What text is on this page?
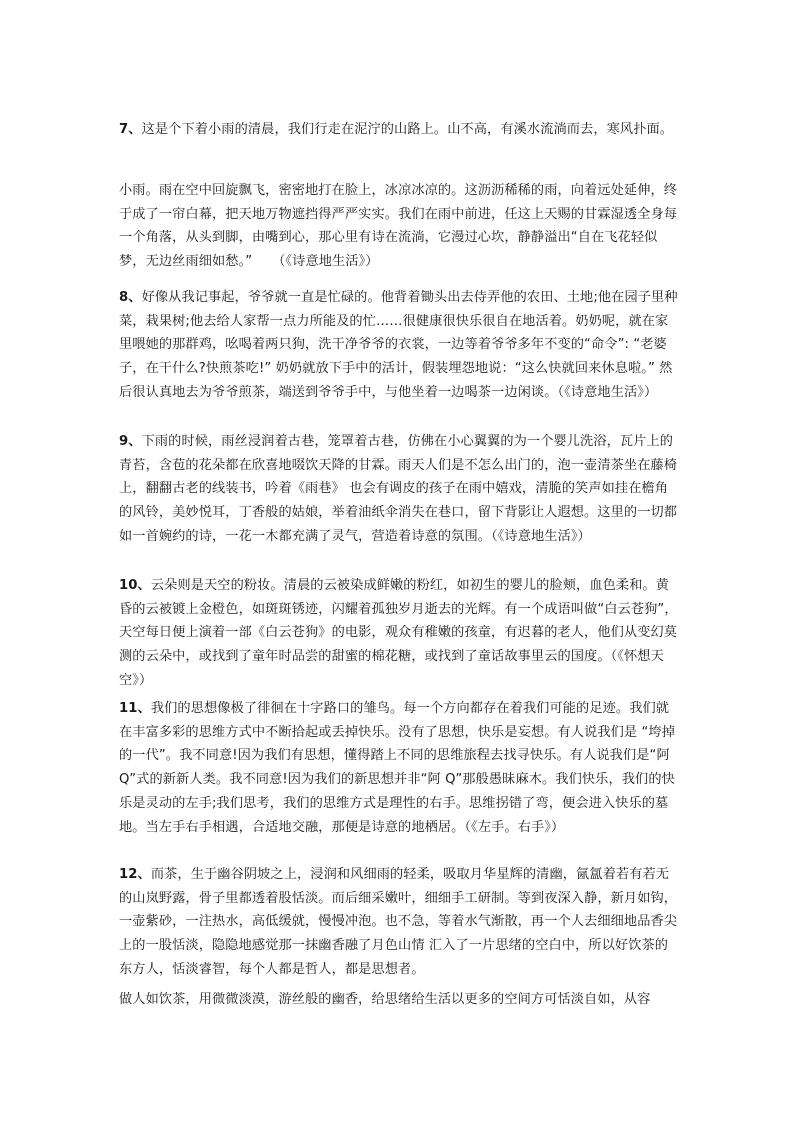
7、这是个下着小雨的清晨，我们行走在泥泞的山路上。山不高，有溪水流淌而去，寒风扑面。

小雨。雨在空中回旋飘飞，密密地打在脸上，冰凉冰凉的。这沥沥稀稀的雨，向着远处延伸，终于成了一帘白幕，把天地万物遮挡得严严实实。我们在雨中前进，任这上天赐的甘霖湿透全身每一个角落，从头到脚，由嘴到心，那心里有诗在流淌，它漫过心坎，静静溢出“自在飞花轻似梦，无边丝雨细如愁。”　　（《诗意地生活》）

8、好像从我记事起，爷爷就一直是忙碌的。他背着锄头出去侍弄他的农田、土地;他在园子里种菜，栽果树;他去给人家帮一点力所能及的忙……很健康很快乐很自在地活着。奶奶呢，就在家里喂她的那群鸡，吆喝着两只狗，洗干净爷爷的衣裳，一边等着爷爷多年不变的“命令”: “老婆子，在干什么?快煎茶吃!” 奶奶就放下手中的活计，假装埋怨地说：“这么快就回来休息啦。” 然后很认真地去为爷爷煎茶，端送到爷爷手中，与他坐着一边喝茶一边闲谈。（《诗意地生活》）

9、下雨的时候，雨丝浸润着古巷，笼罩着古巷，仿佛在小心翼翼的为一个婴儿洗浴，瓦片上的青苔，含苞的花朵都在欣喜地啜饮天降的甘霖。雨天人们是不怎么出门的，泡一壶清茶坐在藤椅上，翻翻古老的线装书，吟着《雨巷》 也会有调皮的孩子在雨中嬉戏，清脆的笑声如挂在檐角的风铃，美妙悦耳，丁香般的姑娘，举着油纸伞消失在巷口，留下背影让人遐想。这里的一切都如一首婉约的诗，一花一木都充满了灵气，营造着诗意的氛围。（《诗意地生活》）

10、云朵则是天空的粉妆。清晨的云被染成鲜嫩的粉红，如初生的婴儿的脸颊，血色柔和。黄昏的云被镀上金橙色，如斑斑锈迹，闪耀着孤独岁月逝去的光辉。有一个成语叫做“白云苍狗”，天空每日便上演着一部《白云苍狗》的电影，观众有稚嫩的孩童，有迟暮的老人，他们从变幻莫测的云朵中，或找到了童年时品尝的甜蜜的棉花糖，或找到了童话故事里云的国度。（《怀想天空》）

11、我们的思想像极了徘徊在十字路口的雏鸟。每一个方向都存在着我们可能的足迹。我们就在丰富多彩的思维方式中不断拾起或丢掉快乐。没有了思想，快乐是妄想。有人说我们是 “垮掉的一代”。我不同意!因为我们有思想，懂得踏上不同的思维旅程去找寻快乐。有人说我们是“阿 Q”式的新新人类。我不同意!因为我们的新思想并非“阿 Q”那般愚昧麻木。我们快乐，我们的快乐是灵动的左手;我们思考，我们的思维方式是理性的右手。思维拐错了弯，便会进入快乐的墓地。当左手右手相遇，合适地交融，那便是诗意的地栖居。（《左手。右手》）

12、而茶，生于幽谷阴坡之上，浸润和风细雨的轻柔，吸取月华星辉的清幽，氤氲着若有若无的山岚野露，骨子里都透着股恬淡。而后细采嫩叶，细细手工研制。等到夜深入静，新月如钩，一壶紫砂，一注热水，高低缓就，慢慢冲泡。也不急，等着水气渐散，再一个人去细细地品香尖上的一股恬淡，隐隐地感觉那一抹幽香融了月色山情 汇入了一片思绪的空白中，所以好饮茶的东方人，恬淡睿智，每个人都是哲人，都是思想者。

做人如饮茶，用微微淡漠，游丝般的幽香，给思绪给生活以更多的空间方可恬淡自如，从容
